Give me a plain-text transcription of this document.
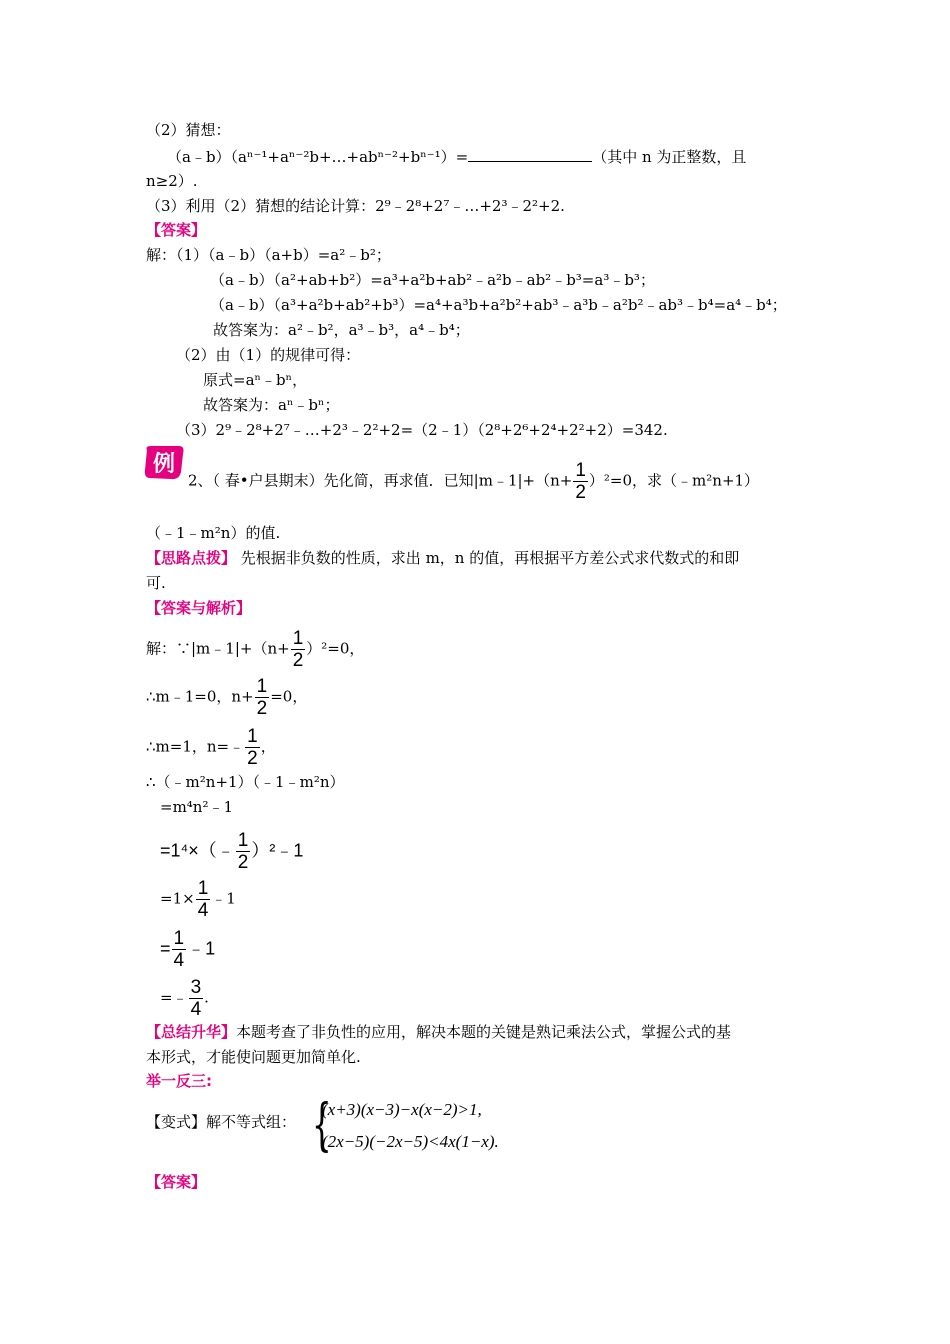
（2）猜想：
（a﹣b）（aⁿ⁻¹+aⁿ⁻²b+…+abⁿ⁻²+bⁿ⁻¹）=	（其中 n 为正整数，且
n≥2）.
（3）利用（2）猜想的结论计算：2⁹﹣2⁸+2⁷﹣…+2³﹣2²+2.
【答案】
解：（1）（a﹣b）（a+b）=a²﹣b²；
（a﹣b）（a²+ab+b²）=a³+a²b+ab²﹣a²b﹣ab²﹣b³=a³﹣b³；
（a﹣b）（a³+a²b+ab²+b³）=a⁴+a³b+a²b²+ab³﹣a³b﹣a²b²﹣ab³﹣b⁴=a⁴﹣b⁴；
故答案为：a²﹣b²，a³﹣b³，a⁴﹣b⁴；
（2）由（1）的规律可得：
原式=aⁿ﹣bⁿ，
故答案为：aⁿ﹣bⁿ；
（3）2⁹﹣2⁸+2⁷﹣…+2³﹣2²+2=（2﹣1）（2⁸+2⁶+2⁴+2²+2）=342.
例
2、（ 春•户县期末）先化简，再求值．已知|m﹣1|+（n+ $\frac{1}{2} )^2=0$，求（﹣m²n+1）
（﹣1﹣m²n）的值.
【思路点拨】 先根据非负数的性质，求出 m，n 的值，再根据平方差公式求代数式的和即
可.
【答案与解析】
解：∵|m﹣1|+（n+ $\frac{1}{2} )^2=0$，
∴m﹣1=0，$n+ \frac{1}{2} =0$，
∴m=1，n=﹣ $\frac{1}{2}$ ，
∴（﹣m²n+1）（﹣1﹣m²n）
=m⁴n²﹣1
=1⁴×（﹣ $\frac{1}{2}$ ）²﹣1
$=1\times \frac{1}{4}$ ﹣1
= $\frac{1}{4}$ ﹣1
=﹣ $\frac{3}{4}$ .
【总结升华】本题考查了非负性的应用，解决本题的关键是熟记乘法公式，掌握公式的基
本形式，才能使问题更加简单化.
举一反三:
【变式】解不等式组： {
(x+3)(x−3)−x(x−2)>1,
(2x−5)(−2x−5)<4x(1−x).
【答案】
